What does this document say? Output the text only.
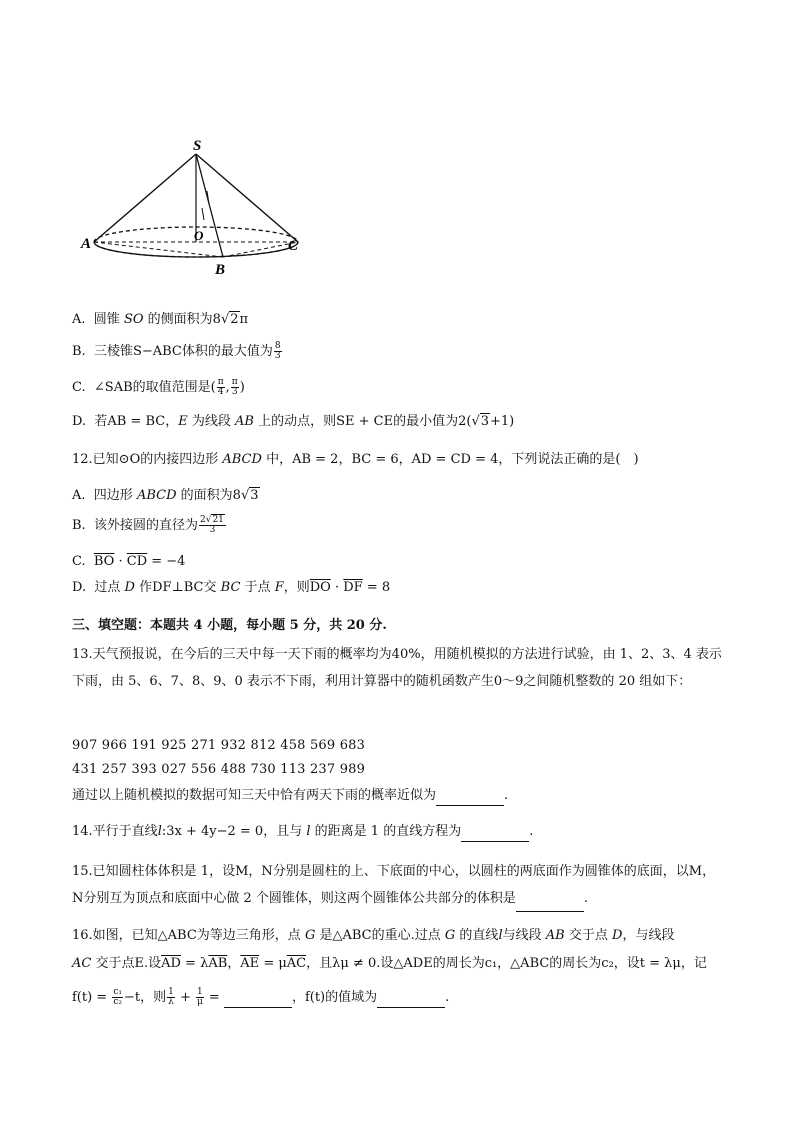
S
A	C
B
O
A. 圆锥 SO 的侧面积为8√2π
B. 三棱锥S−ABC体积的最大值为 $\frac{8}{3}$
C. ∠SAB的取值范围是( $\frac{\pi}{4}$ , $\frac{\pi}{3}$ )
D. 若AB = BC，E 为线段 AB 上的动点，则SE + CE的最小值为2(√3+1)
12.已知⊙O的内接四边形 ABCD 中，AB = 2，BC = 6，AD = CD = 4，下列说法正确的是(　)
A. 四边形 ABCD 的面积为8√3
B. 该外接圆的直径为 $\frac{2√21}{3}$
C. $\overline{BO} \cdot \overline{CD} = -4$
D. 过点 D 作DF⊥BC交 BC 于点 F，则$\overline{DO} \cdot \overline{DF} = 8$
三、填空题：本题共 4 小题，每小题 5 分，共 20 分.
13.天气预报说，在今后的三天中每一天下雨的概率均为40%，用随机模拟的方法进行试验，由 1、2、3、4 表示下雨，由 5、6、7、8、9、0 表示不下雨，利用计算器中的随机函数产生0～9之间随机整数的 20 组如下：
907 966 191 925 271 932 812 458 569 683
431 257 393 027 556 488 730 113 237 989
通过以上随机模拟的数据可知三天中恰有两天下雨的概率近似为	.
14.平行于直线l:3x + 4y−2 = 0，且与 l 的距离是 1 的直线方程为	.
15.已知圆柱体体积是 1，设M，N分别是圆柱的上、下底面的中心，以圆柱的两底面作为圆锥体的底面，以M，N分别互为顶点和底面中心做 2 个圆锥体，则这两个圆锥体公共部分的体积是	.
16.如图，已知△ABC为等边三角形，点 G 是△ABC的重心.过点 G 的直线l与线段 AB 交于点 D，与线段
AC 交于点E.设$\overline{AD} = \lambda\overline{AB}$，$\overline{AE} = \mu\overline{AC}$，且λμ ≠ 0.设△ADE的周长为c₁，△ABC的周长为c₂，设t = λμ，记
$f(t) = \frac{\text{c₁}}{\text{c₂}} -t$，则 $\frac{1}{\lambda} + \frac{1}{\mu}$ =	，f(t)的值域为	.
